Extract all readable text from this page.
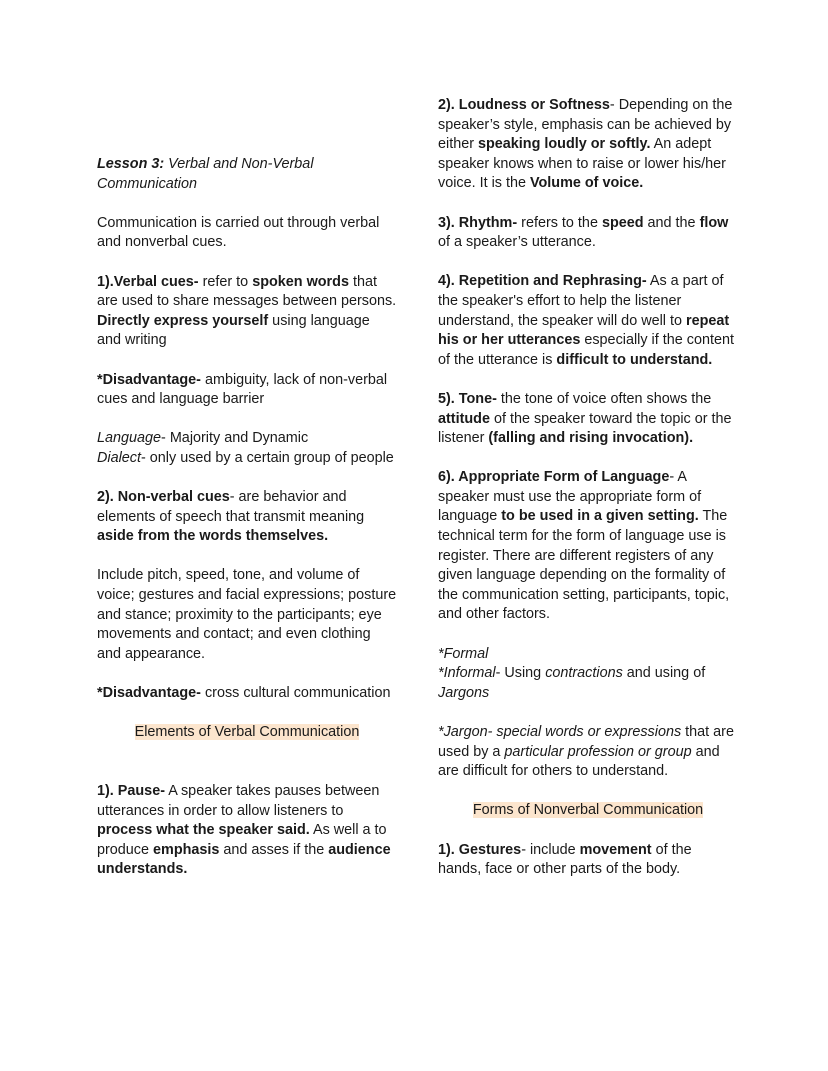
Lesson 3: Verbal and Non-Verbal Communication

Communication is carried out through verbal and nonverbal cues.

1).Verbal cues- refer to spoken words that are used to share messages between persons. Directly express yourself using language and writing

*Disadvantage- ambiguity, lack of non-verbal cues and language barrier

Language- Majority and Dynamic

Dialect- only used by a certain group of people

2). Non-verbal cues- are behavior and elements of speech that transmit meaning aside from the words themselves.

Include pitch, speed, tone, and volume of voice; gestures and facial expressions; posture and stance; proximity to the participants; eye movements and contact; and even clothing and appearance.

*Disadvantage- cross cultural communication

Elements of Verbal Communication

1). Pause- A speaker takes pauses between utterances in order to allow listeners to process what the speaker said. As well a to produce emphasis and asses if the audience understands.

2). Loudness or Softness- Depending on the speaker’s style, emphasis can be achieved by either speaking loudly or softly. An adept speaker knows when to raise or lower his/her voice. It is the Volume of voice.

3). Rhythm- refers to the speed and the flow of a speaker’s utterance.

4). Repetition and Rephrasing- As a part of the speaker's effort to help the listener understand, the speaker will do well to repeat his or her utterances especially if the content of the utterance is difficult to understand.

5). Tone- the tone of voice often shows the attitude of the speaker toward the topic or the listener (falling and rising invocation).

6). Appropriate Form of Language- A speaker must use the appropriate form of language to be used in a given setting. The technical term for the form of language use is register. There are different registers of any given language depending on the formality of the communication setting, participants, topic, and other factors.

*Formal

*Informal- Using contractions and using of Jargons

*Jargon- special words or expressions that are used by a particular profession or group and are difficult for others to understand.

Forms of Nonverbal Communication

1). Gestures- include movement of the hands, face or other parts of the body.
